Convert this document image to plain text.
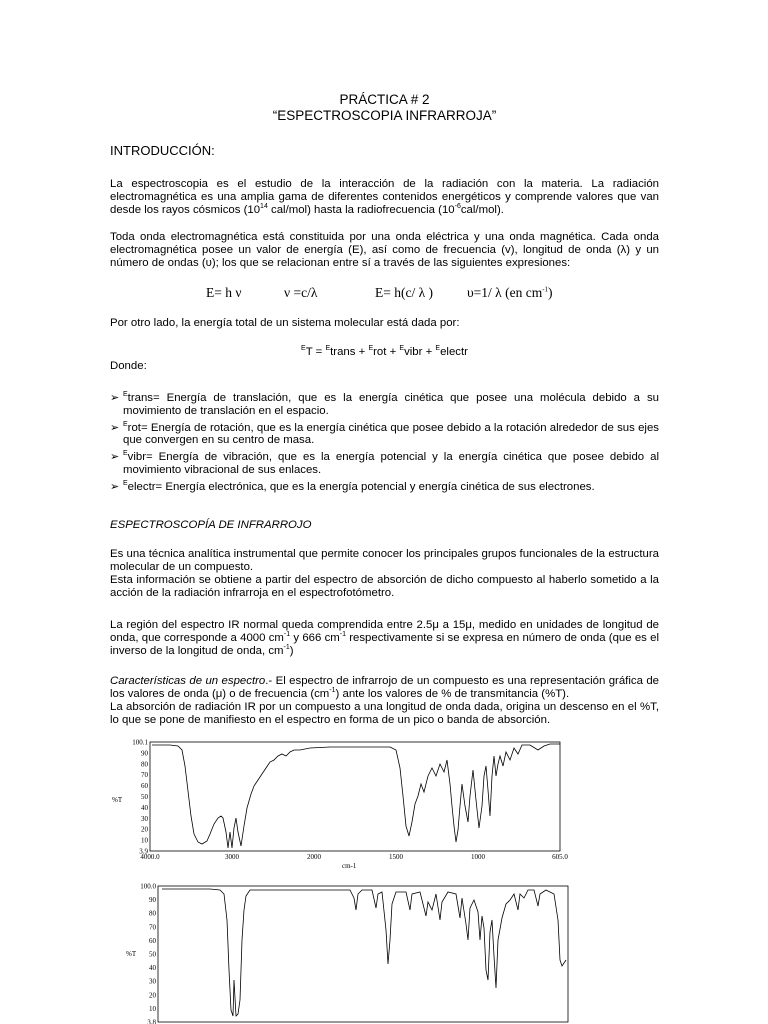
PRÁCTICA # 2
“ESPECTROSCOPIA INFRARROJA”
INTRODUCCIÓN:

La espectroscopia es el estudio de la interacción de la radiación con la materia. La radiación electromagnética es una amplia gama de diferentes contenidos energéticos y comprende valores que van desde los rayos cósmicos ($10^{14}$ cal/mol) hasta la radiofrecuencia $(10^{-6}cal/mol)$.

Toda onda electromagnética está constituida por una onda eléctrica y una onda magnética. Cada onda electromagnética posee un valor de energía (E), así como de frecuencia (v), longitud de onda (λ) y un número de ondas (υ); los que se relacionan entre sí a través de las siguientes expresiones:

E= h ν	ν =c/λ	E= h(c/ λ )	υ=1/ λ (en $cm^{-1}$)

Por otro lado, la energía total de un sistema molecular está dada por:

$^E$T = $^E$trans + $^E$rot + $^E$vibr + $^E$electr

Donde:

➢ $^E$trans= Energía de translación, que es la energía cinética que posee una molécula debido a su movimiento de translación en el espacio.
➢ $^E$rot= Energía de rotación, que es la energía cinética que posee debido a la rotación alrededor de sus ejes que convergen en su centro de masa.
➢ $^E$vibr= Energía de vibración, que es la energía potencial y la energía cinética que posee debido al movimiento vibracional de sus enlaces.
➢ $^E$electr= Energía electrónica, que es la energía potencial y energía cinética de sus electrones.

ESPECTROSCOPÍA DE INFRARROJO

Es una técnica analítica instrumental que permite conocer los principales grupos funcionales de la estructura molecular de un compuesto.

Esta información se obtiene a partir del espectro de absorción de dicho compuesto al haberlo sometido a la acción de la radiación infrarroja en el espectrofotómetro.

La región del espectro IR normal queda comprendida entre 2.5μ a 15μ, medido en unidades de longitud de onda, que corresponde a 4000 $cm^{-1}$ y 666 $cm^{-1}$ respectivamente si se expresa en número de onda (que es el inverso de la longitud de onda, $cm^{-1}$)

Características de un espectro.- El espectro de infrarrojo de un compuesto es una representación gráfica de los valores de onda (μ) o de frecuencia $(cm^{-1})$ ante los valores de % de transmitancia (%T).

La absorción de radiación IR por un compuesto a una longitud de onda dada, origina un descenso en el %T, lo que se pone de manifiesto en el espectro en forma de un pico o banda de absorción.

100.1
90
80
70
60
50
40
30
20
10
3.9
4000.0	3000	2000	1500	1000	605.0
%T
cm-1
100.0
90
80
70
60
50
40
30
20
10
3.8
%T
